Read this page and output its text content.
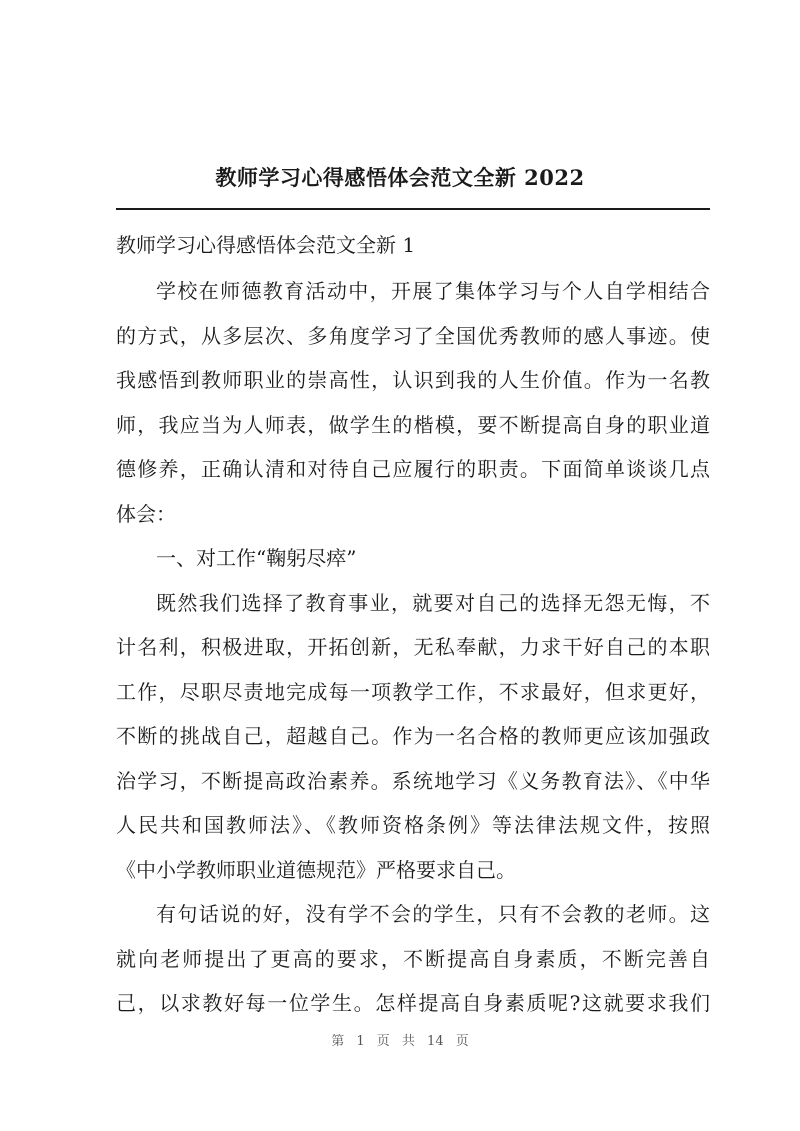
教师学习心得感悟体会范文全新 2022
教师学习心得感悟体会范文全新 1

学校在师德教育活动中，开展了集体学习与个人自学相结合
的方式，从多层次、多角度学习了全国优秀教师的感人事迹。使
我感悟到教师职业的崇高性，认识到我的人生价值。作为一名教
师，我应当为人师表，做学生的楷模，要不断提高自身的职业道
德修养，正确认清和对待自己应履行的职责。下面简单谈谈几点
体会：

一、对工作“鞠躬尽瘁”

既然我们选择了教育事业，就要对自己的选择无怨无悔，不
计名利，积极进取，开拓创新，无私奉献，力求干好自己的本职
工作，尽职尽责地完成每一项教学工作，不求最好，但求更好，
不断的挑战自己，超越自己。作为一名合格的教师更应该加强政
治学习，不断提高政治素养。系统地学习《义务教育法》、《中华
人民共和国教师法》、《教师资格条例》等法律法规文件，按照
《中小学教师职业道德规范》严格要求自己。

有句话说的好，没有学不会的学生，只有不会教的老师。这
就向老师提出了更高的要求，不断提高自身素质，不断完善自
己，以求教好每一位学生。怎样提高自身素质呢?这就要求我们

第 1 页 共 14 页
